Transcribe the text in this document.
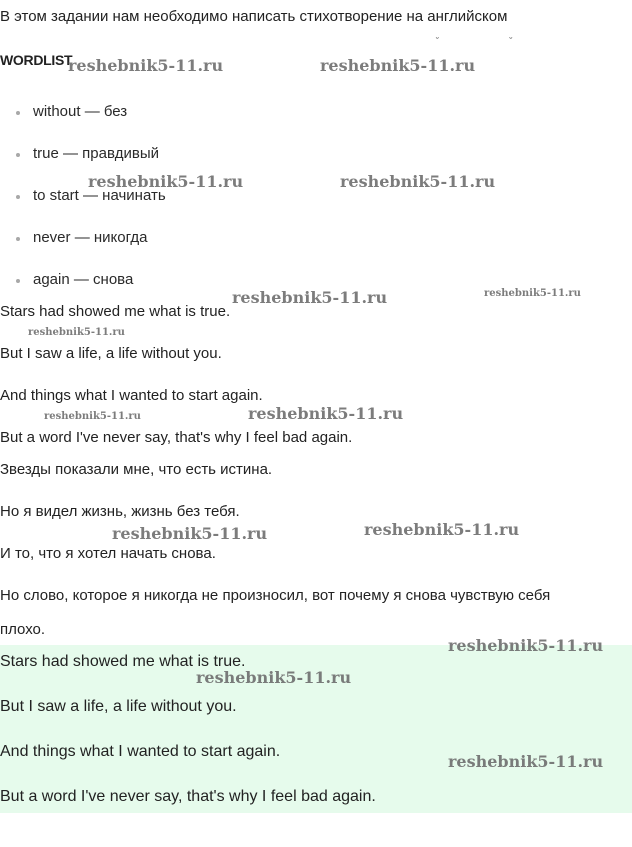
В этом задании нам необходимо написать стихотворение на английском
˘ ˘
WORDLIST
without — без
true — правдивый
to start — начинать
never — никогда
again — снова
Stars had showed me what is true.
But I saw a life, a life without you.
And things what I wanted to start again.
But a word I've never say, that's why I feel bad again.
Звезды показали мне, что есть истина.
Но я видел жизнь, жизнь без тебя.
И то, что я хотел начать снова.
Но слово, которое я никогда не произносил, вот почему я снова чувствую себя
плохо.
Stars had showed me what is true.
But I saw a life, a life without you.
And things what I wanted to start again.
But a word I've never say, that's why I feel bad again.
reshebnik5-11.ru	reshebnik5-11.ru
reshebnik5-11.ru	reshebnik5-11.ru
reshebnik5-11.ru	reshebnik5-11.ru
reshebnik5-11.ru
reshebnik5-11.ru	reshebnik5-11.ru
reshebnik5-11.ru	reshebnik5-11.ru
reshebnik5-11.ru
reshebnik5-11.ru
reshebnik5-11.ru
